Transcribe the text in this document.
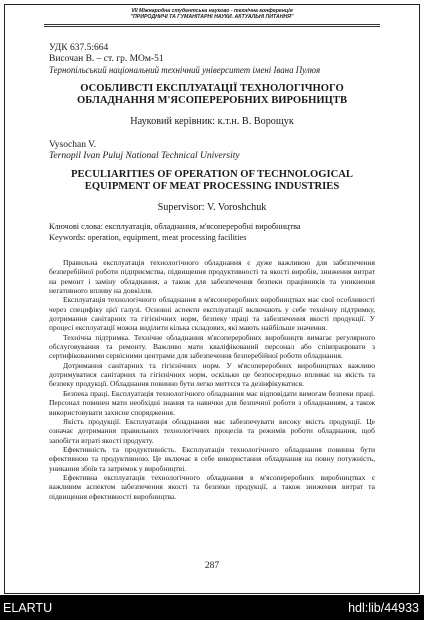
VІІ Міжнародна студентська науково - технічна конференція
"ПРИРОДНИЧІ ТА ГУМАНІТАРНІ НАУКИ. АКТУАЛЬНІ ПИТАННЯ"
УДК 637.5:664
Височан В. – ст. гр. МОм-51
Тернопільський національний технічний університет імені Івана Пулюя
ОСОБЛИВСТІ ЕКСПЛУАТАЦІЇ ТЕХНОЛОГІЧНОГО
ОБЛАДНАННЯ М'ЯСОПЕРЕРОБНИХ ВИРОБНИЦТВ
Науковий керівник: к.т.н. В. Ворощук
Vysochan V.
Ternopil Ivan Puluj National Technical University
PECULIARITIES OF OPERATION OF TECHNOLOGICAL
EQUIPMENT OF MEAT PROCESSING INDUSTRIES
Supervisor: V. Voroshchuk
Ключові слова: експлуатація, обладнання, м'ясопереробні виробництва
Keywords: operation, equipment, meat processing facilities

Правильна експлуатація технологічного обладнання є дуже важливою для забезпечення безперебійної роботи підприємства, підвищення продуктивності та якості виробів, зниження витрат на ремонт і заміну обладнання, а також для забезпечення безпеки працівників та уникнення негативного впливу на довкілля.

Експлуатація технологічного обладнання в м'ясопереробних виробництвах має свої особливості через специфіку цієї галузі. Основні аспекти експлуатації включають у себе технічну підтримку, дотримання санітарних та гігієнічних норм, безпеку праці та забезпечення якості продукції. У процесі експлуатації можна виділити кілька складових, які мають найбільше значення.

Технічна підтримка. Технічне обладнання м'ясопереробних виробництв вимагає регулярного обслуговування та ремонту. Важливо мати кваліфікований персонал або співпрацювати з сертифікованими сервісними центрами для забезпечення безперебійної роботи обладнання.

Дотримання санітарних та гігієнічних норм. У м'ясопереробних виробництвах важливо дотримуватися санітарних та гігієнічних норм, оскільки це безпосередньо впливає на якість та безпеку продукції. Обладнання повинно бути легко миттєся та дезінфікуватися.

Безпека праці. Експлуатація технологічного обладнання має відповідати вимогам безпеки праці. Персонал повинен мати необхідні знання та навички для безпечної роботи з обладнанням, а також використовувати захисне спорядження.

Якість продукції. Експлуатація обладнання має забезпечувати високу якість продукції. Це означає дотримання правильних технологічних процесів та режимів роботи обладнання, щоб запобігти втраті якості продукту.

Ефективність та продуктивність. Експлуатація технологічного обладнання повинна бути ефективною та продуктивною. Це включає в себе використання обладнання на повну потужність, уникання збоїв та затримок у виробництві.

Ефективна експлуатація технологічного обладнання в м'ясопереробних виробництвах є важливим аспектом забезпечення якості та безпеки продукції, а також зниження витрат та підвищення ефективності виробництва.

287
ELARTU	hdl:lib/44933
